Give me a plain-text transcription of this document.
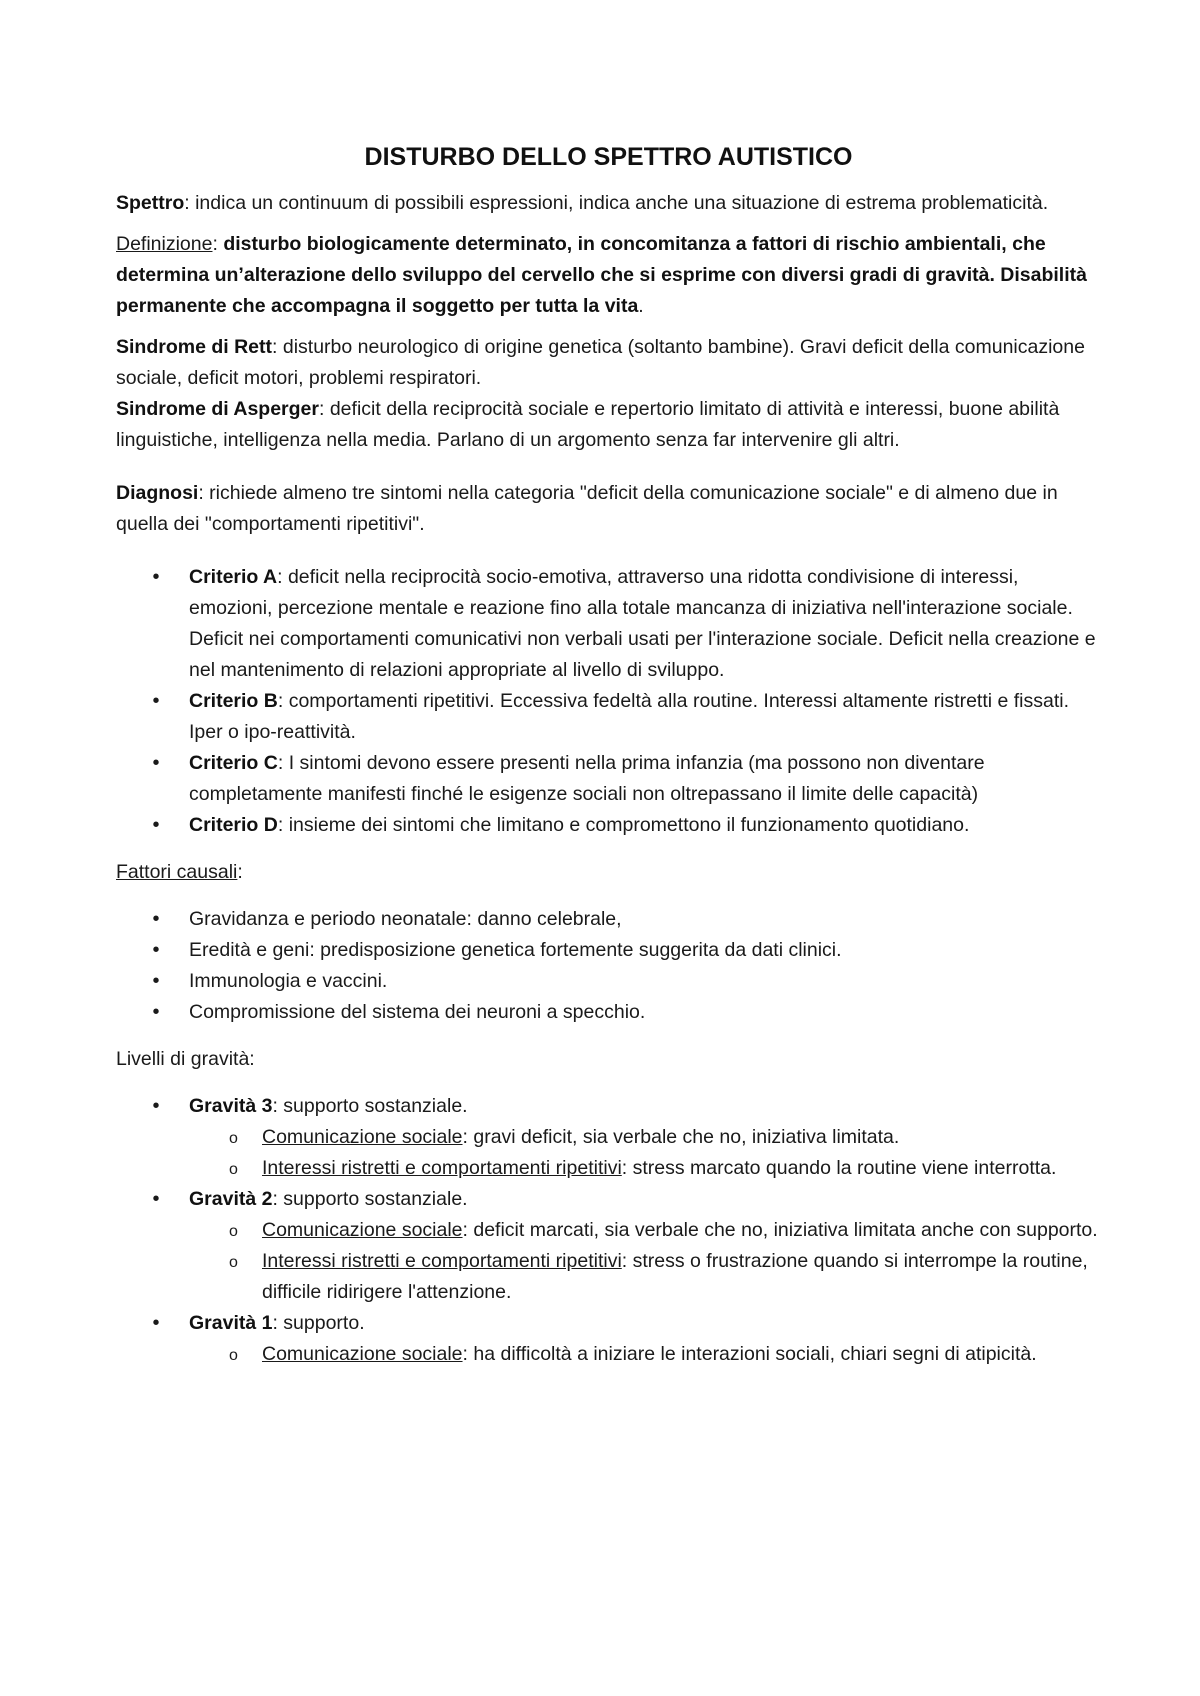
DISTURBO DELLO SPETTRO AUTISTICO

Spettro: indica un continuum di possibili espressioni, indica anche una situazione di estrema problematicità.

Definizione: disturbo biologicamente determinato, in concomitanza a fattori di rischio ambientali, che determina un’alterazione dello sviluppo del cervello che si esprime con diversi gradi di gravità. Disabilità permanente che accompagna il soggetto per tutta la vita.

Sindrome di Rett: disturbo neurologico di origine genetica (soltanto bambine). Gravi deficit della comunicazione sociale, deficit motori, problemi respiratori.

Sindrome di Asperger: deficit della reciprocità sociale e repertorio limitato di attività e interessi, buone abilità linguistiche, intelligenza nella media. Parlano di un argomento senza far intervenire gli altri.

Diagnosi: richiede almeno tre sintomi nella categoria "deficit della comunicazione sociale" e di almeno due in quella dei "comportamenti ripetitivi".

• Criterio A: deficit nella reciprocità socio-emotiva, attraverso una ridotta condivisione di interessi, emozioni, percezione mentale e reazione fino alla totale mancanza di iniziativa nell'interazione sociale. Deficit nei comportamenti comunicativi non verbali usati per l'interazione sociale. Deficit nella creazione e nel mantenimento di relazioni appropriate al livello di sviluppo.
• Criterio B: comportamenti ripetitivi. Eccessiva fedeltà alla routine. Interessi altamente ristretti e fissati. Iper o ipo-reattività.
• Criterio C: I sintomi devono essere presenti nella prima infanzia (ma possono non diventare completamente manifesti finché le esigenze sociali non oltrepassano il limite delle capacità)
• Criterio D: insieme dei sintomi che limitano e compromettono il funzionamento quotidiano.

Fattori causali:

• Gravidanza e periodo neonatale: danno celebrale,
• Eredità e geni: predisposizione genetica fortemente suggerita da dati clinici.
• Immunologia e vaccini.
• Compromissione del sistema dei neuroni a specchio.

Livelli di gravità:

• Gravità 3: supporto sostanziale.
o Comunicazione sociale: gravi deficit, sia verbale che no, iniziativa limitata.
o Interessi ristretti e comportamenti ripetitivi: stress marcato quando la routine viene interrotta.
• Gravità 2: supporto sostanziale.
o Comunicazione sociale: deficit marcati, sia verbale che no, iniziativa limitata anche con supporto.
o Interessi ristretti e comportamenti ripetitivi: stress o frustrazione quando si interrompe la routine, difficile ridirigere l'attenzione.
• Gravità 1: supporto.
o Comunicazione sociale: ha difficoltà a iniziare le interazioni sociali, chiari segni di atipicità.
